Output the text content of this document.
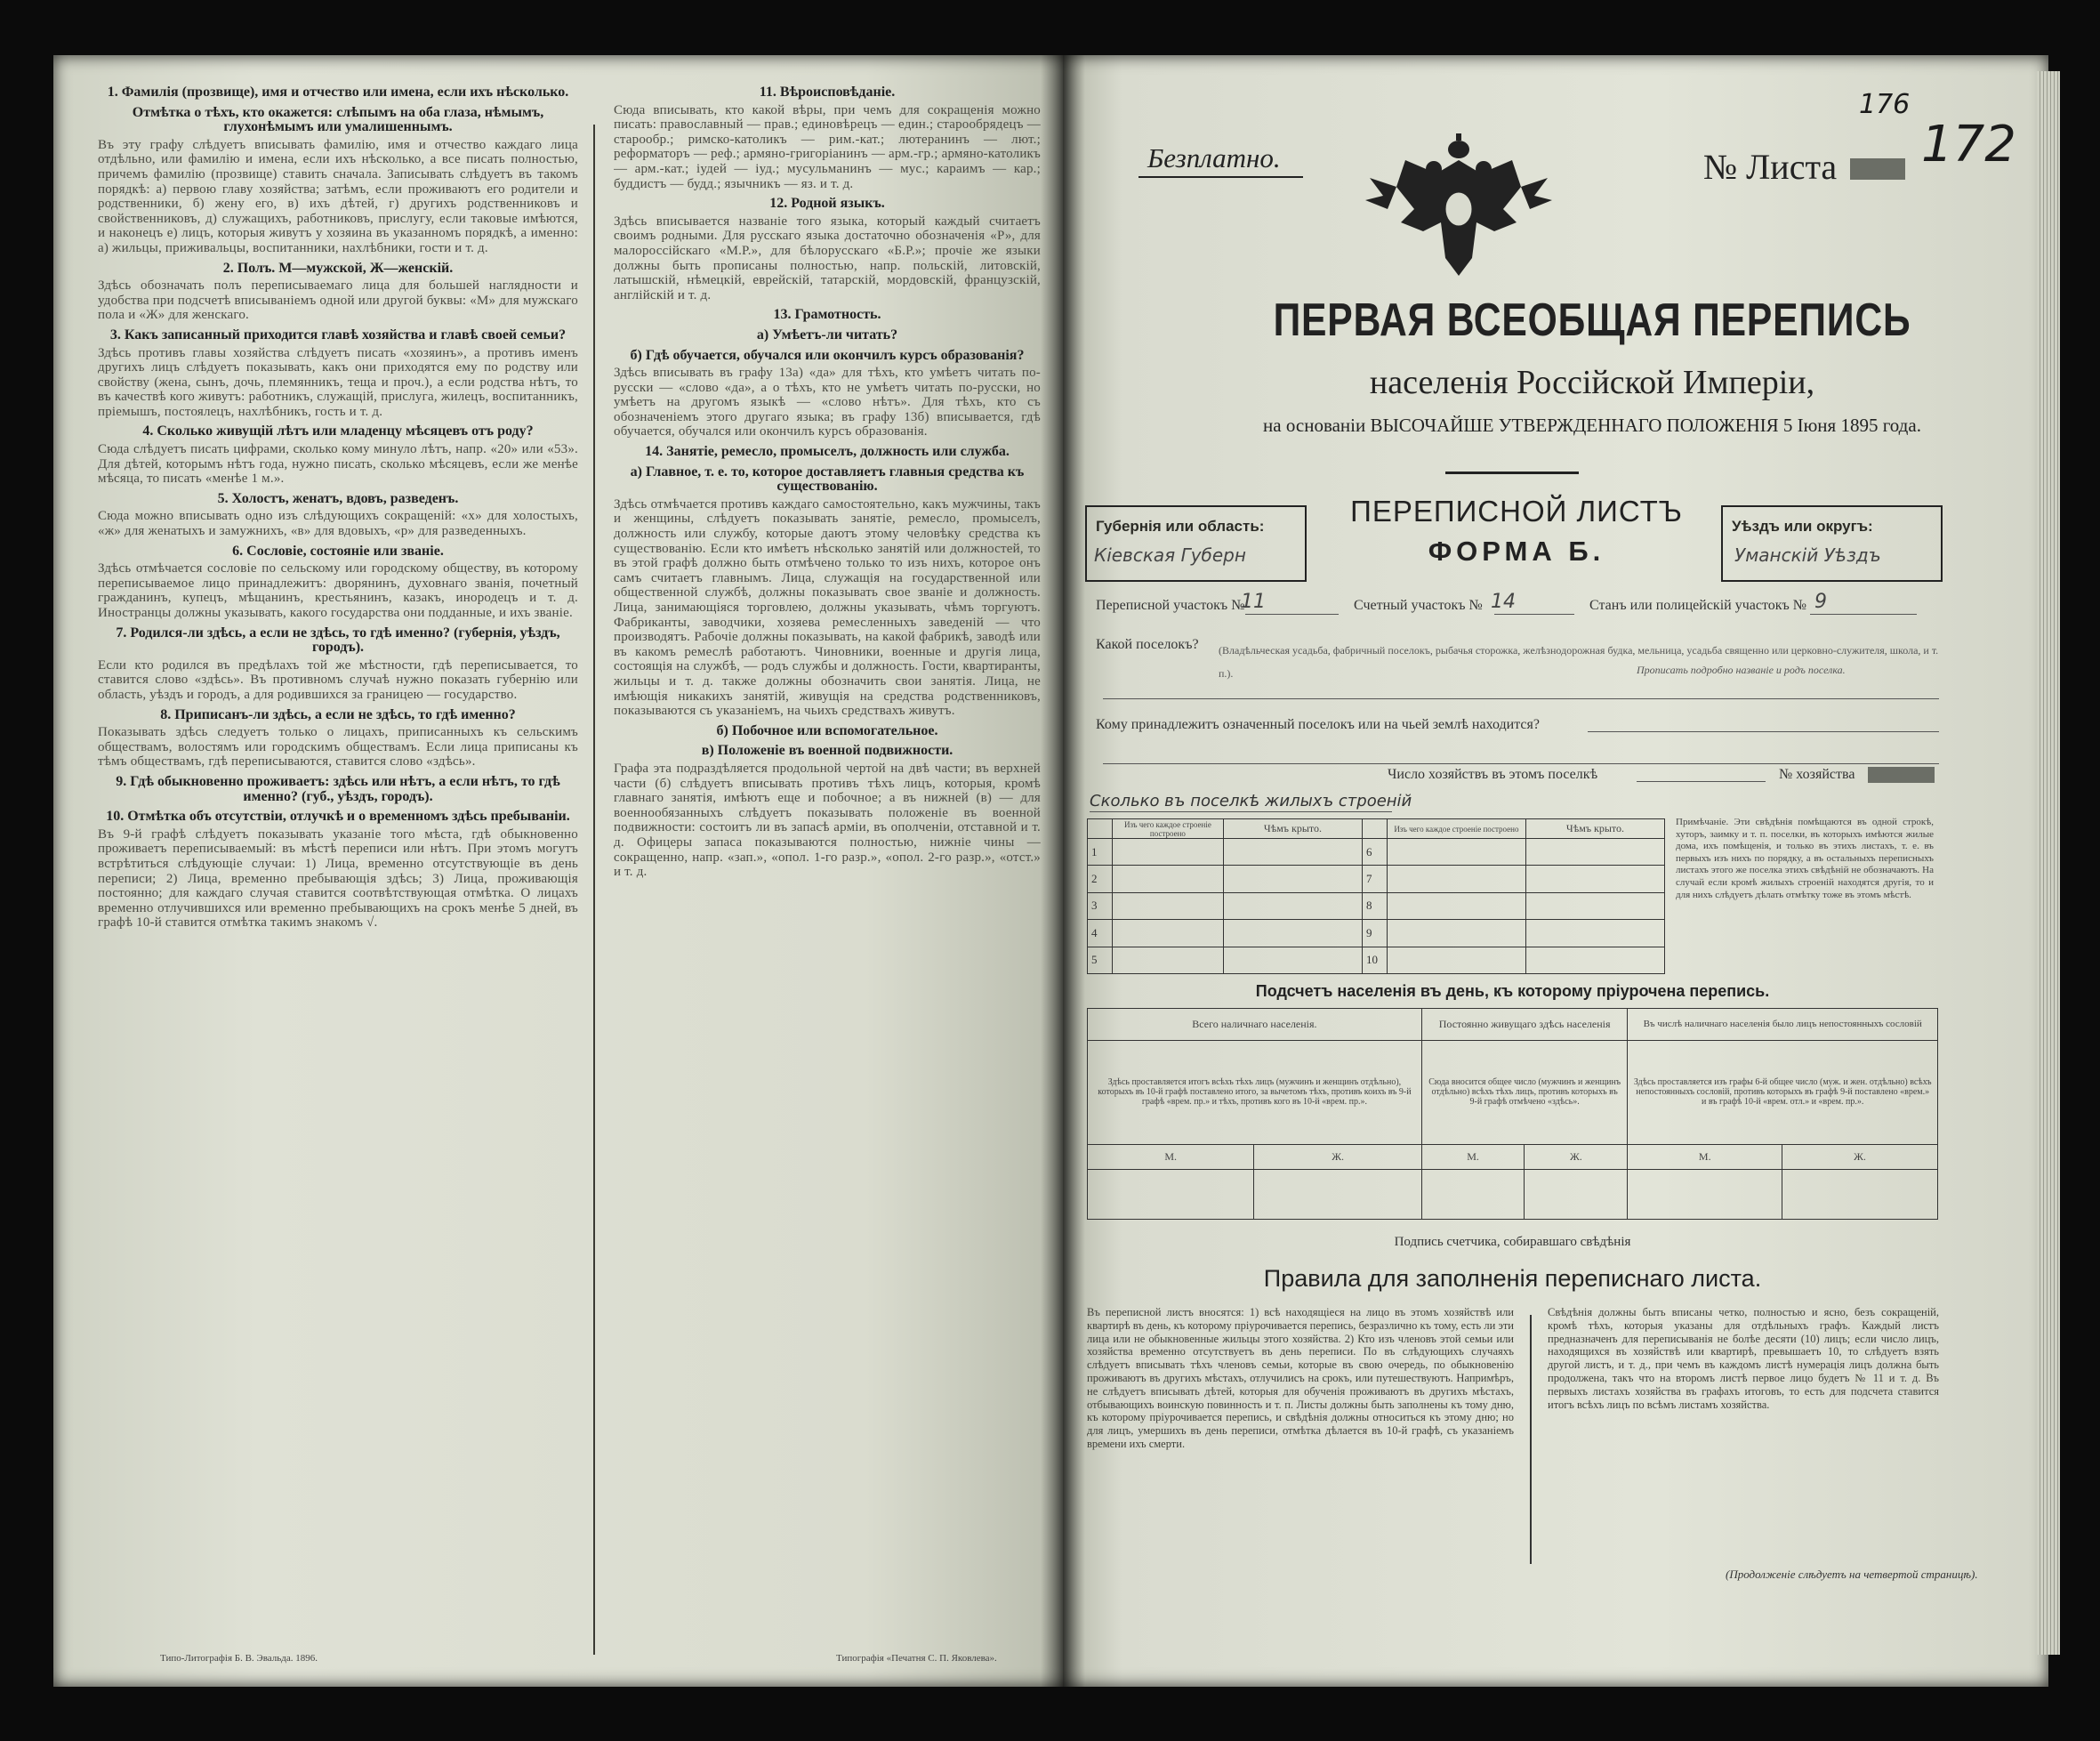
1. Фамилія (прозвище), имя и отчество или имена, если ихъ нѣсколько.
Отмѣтка о тѣхъ, кто окажется: слѣпымъ на оба глаза, нѣмымъ, глухонѣмымъ или умалишеннымъ.
Въ эту графу слѣдуетъ вписывать фамилію, имя и отчество каждаго лица отдѣльно, или фамилію и имена, если ихъ нѣсколько, а все писать полностью, причемъ фамилію (прозвище) ставить сначала. Записывать слѣдуетъ въ такомъ порядкѣ: а) первою главу хозяйства; затѣмъ, если проживаютъ его родители и родственники, б) жену его, в) ихъ дѣтей, г) другихъ родственниковъ и свойственниковъ, д) служащихъ, работниковъ, прислугу, если таковые имѣются, и наконецъ е) лицъ, которыя живутъ у хозяина въ указанномъ порядкѣ, а именно: а) жильцы, приживальцы, воспитанники, нахлѣбники, гости и т. д.
2. Полъ. М—мужской, Ж—женскій.
Здѣсь обозначать полъ переписываемаго лица для большей наглядности и удобства при подсчетѣ вписываніемъ одной или другой буквы: «М» для мужскаго пола и «Ж» для женскаго.
3. Какъ записанный приходится главѣ хозяйства и главѣ своей семьи?
Здѣсь противъ главы хозяйства слѣдуетъ писать «хозяинъ», а противъ именъ другихъ лицъ слѣдуетъ показывать, какъ они приходятся ему по родству или свойству (жена, сынъ, дочь, племянникъ, теща и проч.), а если родства нѣтъ, то въ качествѣ кого живутъ: работникъ, служащій, прислуга, жилецъ, воспитанникъ, пріемышъ, постоялецъ, нахлѣбникъ, гость и т. д.
4. Сколько живущій лѣтъ или младенцу мѣсяцевъ отъ роду?
Сюда слѣдуетъ писать цифрами, сколько кому минуло лѣтъ, напр. «20» или «53». Для дѣтей, которымъ нѣтъ года, нужно писать, сколько мѣсяцевъ, если же менѣе мѣсяца, то писать «менѣе 1 м.».
5. Холостъ, женатъ, вдовъ, разведенъ.
Сюда можно вписывать одно изъ слѣдующихъ сокращеній: «х» для холостыхъ, «ж» для женатыхъ и замужнихъ, «в» для вдовыхъ, «р» для разведенныхъ.
6. Сословіе, состояніе или званіе.
Здѣсь отмѣчается сословіе по сельскому или городскому обществу, въ которому переписываемое лицо принадлежитъ: дворянинъ, духовнаго званія, почетный гражданинъ, купецъ, мѣщанинъ, крестьянинъ, казакъ, инородецъ и т. д. Иностранцы должны указывать, какого государства они подданные, и ихъ званіе.
7. Родился-ли здѣсь, а если не здѣсь, то гдѣ именно? (губернія, уѣздъ, городъ).
Если кто родился въ предѣлахъ той же мѣстности, гдѣ переписывается, то ставится слово «здѣсь». Въ противномъ случаѣ нужно показать губернію или область, уѣздъ и городъ, а для родившихся за границею — государство.
8. Приписанъ-ли здѣсь, а если не здѣсь, то гдѣ именно?
Показывать здѣсь следуетъ только о лицахъ, приписанныхъ къ сельскимъ обществамъ, волостямъ или городскимъ обществамъ. Если лица приписаны къ тѣмъ обществамъ, гдѣ переписываются, ставится слово «здѣсь».
9. Гдѣ обыкновенно проживаетъ: здѣсь или нѣтъ, а если нѣтъ, то гдѣ именно? (губ., уѣздъ, городъ).
10. Отмѣтка объ отсутствіи, отлучкѣ и о временномъ здѣсь пребываніи.
Въ 9-й графѣ слѣдуетъ показывать указаніе того мѣста, гдѣ обыкновенно проживаетъ переписываемый: въ мѣстѣ переписи или нѣтъ. При этомъ могутъ встрѣтиться слѣдующіе случаи: 1) Лица, временно отсутствующіе въ день переписи; 2) Лица, временно пребывающія здѣсь; 3) Лица, проживающія постоянно; для каждаго случая ставится соотвѣтствующая отмѣтка. О лицахъ временно отлучившихся или временно пребывающихъ на срокъ менѣе 5 дней, въ графѣ 10-й ставится отмѣтка такимъ знакомъ √.
11. Вѣроисповѣданіе.
Сюда вписывать, кто какой вѣры, при чемъ для сокращенія можно писать: православный — прав.; единовѣрецъ — един.; старообрядецъ — старообр.; римско-католикъ — рим.-кат.; лютеранинъ — лют.; реформаторъ — реф.; армяно-григоріанинъ — арм.-гр.; армяно-католикъ — арм.-кат.; іудей — іуд.; мусульманинъ — мус.; караимъ — кар.; буддистъ — будд.; язычникъ — яз. и т. д.
12. Родной языкъ.
Здѣсь вписывается названіе того языка, который каждый считаетъ своимъ родными. Для русскаго языка достаточно обозначенія «Р», для малороссійскаго «М.Р.», для бѣлорусскаго «Б.Р.»; прочіе же языки должны быть прописаны полностью, напр. польскій, литовскій, латышскій, нѣмецкій, еврейскій, татарскій, мордовскій, французскій, англійскій и т. д.
13. Грамотность.
а) Умѣетъ-ли читать?
б) Гдѣ обучается, обучался или окончилъ курсъ образованія?
Здѣсь вписывать въ графу 13а) «да» для тѣхъ, кто умѣетъ читать по-русски — «слово «да», а о тѣхъ, кто не умѣетъ читать по-русски, но умѣетъ на другомъ языкѣ — «слово нѣтъ». Для тѣхъ, кто съ обозначеніемъ этого другаго языка; въ графу 13б) вписывается, гдѣ обучается, обучался или окончилъ курсъ образованія.
14. Занятіе, ремесло, промыселъ, должность или служба.
а) Главное, т. е. то, которое доставляетъ главныя средства къ существованію.
Здѣсь отмѣчается противъ каждаго самостоятельно, какъ мужчины, такъ и женщины, слѣдуетъ показывать занятіе, ремесло, промыселъ, должность или службу, которые даютъ этому человѣку средства къ существованію. Если кто имѣетъ нѣсколько занятій или должностей, то въ этой графѣ должно быть отмѣчено только то изъ нихъ, которое онъ самъ считаетъ главнымъ. Лица, служащія на государственной или общественной службѣ, должны показывать свое званіе и должность. Лица, занимающіяся торговлею, должны указывать, чѣмъ торгуютъ. Фабриканты, заводчики, хозяева ремесленныхъ заведеній — что производятъ. Рабочіе должны показывать, на какой фабрикѣ, заводѣ или въ какомъ ремеслѣ работаютъ. Чиновники, военные и другія лица, состоящія на службѣ, — родъ службы и должность. Гости, квартиранты, жильцы и т. д. также должны обозначить свои занятія. Лица, не имѣющія никакихъ занятій, живущія на средства родственниковъ, показываются съ указаніемъ, на чьихъ средствахъ живутъ.
б) Побочное или вспомогательное.
в) Положеніе въ военной подвижности.
Графа эта подраздѣляется продольной чертой на двѣ части; въ верхней части (б) слѣдуетъ вписывать противъ тѣхъ лицъ, которыя, кромѣ главнаго занятія, имѣютъ еще и побочное; а въ нижней (в) — для военнообязанныхъ слѣдуетъ показывать положеніе въ военной подвижности: состоитъ ли въ запасѣ арміи, въ ополченіи, отставной и т. д. Офицеры запаса показываются полностью, нижніе чины — сокращенно, напр. «зап.», «опол. 1-го разр.», «опол. 2-го разр.», «отст.» и т. д.
Типо-Литографія Б. В. Эвальда. 1896.	Типографія «Печатня С. П. Яковлева».
Безплатно.	№ Листа
176
172
ПЕРВАЯ ВСЕОБЩАЯ ПЕРЕПИСЬ
населенія Россійской Имперіи,
на основаніи ВЫСОЧАЙШЕ УТВЕРЖДЕННАГО ПОЛОЖЕНІЯ 5 Іюня 1895 года.
Губернія или область:
Кіевская Губерн
ПЕРЕПИСНОЙ ЛИСТЪ
ФОРМА Б.
Уѣздъ или округъ:
Уманскій Уѣздъ
Переписной участокъ №
11	Счетный участокъ № 14	Станъ или полицейскій участокъ № 9
Какой поселокъ? (Владѣльческая усадьба, фабричный поселокъ, рыбачья сторожка, желѣзнодорожная будка, мельница, усадьба священно или церковно-служителя, школа, и т. п.).	Прописать подробно названіе и родъ поселка.
Кому принадлежитъ означенный поселокъ или на чьей землѣ находится?
Число хозяйствъ въ этомъ поселкѣ	№ хозяйства
Сколько въ поселкѣ жилыхъ строеній
	Изъ чего каждое строеніе построено	Чѣмъ крыто.		Изъ чего каждое строеніе построено	Чѣмъ крыто.
1			6		
2			7		
3			8		
4			9		
5			10		
Примѣчаніе. Эти свѣдѣнія помѣщаются въ одной строкѣ, хуторъ, заимку и т. п. поселки, въ которыхъ имѣются жилые дома, ихъ помѣщенія, и только въ этихъ листахъ, т. е. въ первыхъ изъ нихъ по порядку, а въ остальныхъ переписныхъ листахъ этого же поселка этихъ свѣдѣній не обозначаютъ. На случай если кромѣ жилыхъ строеній находятся другія, то и для нихъ слѣдуетъ дѣлать отмѣтку тоже въ этомъ мѣстѣ.
Подсчетъ населенія въ день, къ которому пріурочена перепись.
Всего наличнаго населенія.		Постоянно живущаго здѣсь населенія		Въ числѣ наличнаго населенія было лицъ непостоянныхъ сословій	
Здѣсь проставляется итогъ всѣхъ тѣхъ лицъ (мужчинъ и женщинъ отдѣльно), которыхъ въ 10-й графѣ поставлено итого, за вычетомъ тѣхъ, противъ коихъ въ 9-й графѣ «врем. пр.» и тѣхъ, противъ кого въ 10-й «врем. пр.».		Сюда вносится общее число (мужчинъ и женщинъ отдѣльно) всѣхъ тѣхъ лицъ, противъ которыхъ въ 9-й графѣ отмѣчено «здѣсь».		Здѣсь проставляется изъ графы 6-й общее число (муж. и жен. отдѣльно) всѣхъ непостоянныхъ сословій, противъ которыхъ въ графѣ 9-й поставлено «врем.» и въ графѣ 10-й «врем. отл.» и «врем. пр.».	
М.	Ж.	М.	Ж.	М.	Ж.

Подпись счетчика, собиравшаго свѣдѣнія
Правила для заполненія переписнаго листа.
Въ переписной листъ вносятся: 1) всѣ находящіеся на лицо въ этомъ хозяйствѣ или квартирѣ въ день, къ которому пріурочивается перепись, безразлично къ тому, есть ли эти лица или не обыкновенные жильцы этого хозяйства. 2) Кто изъ членовъ этой семьи или хозяйства временно отсутствуетъ въ день переписи. По въ слѣдующихъ случаяхъ слѣдуетъ вписывать тѣхъ членовъ семьи, которые въ свою очередь, по обыкновенію проживаютъ въ другихъ мѣстахъ, отлучилисъ на срокъ, или путешествуютъ. Напримѣръ, не слѣдуетъ вписывать дѣтей, которыя для обученія проживаютъ въ другихъ мѣстахъ, отбывающихъ воинскую повинность и т. п. Листы должны быть заполнены къ тому дню, къ которому пріурочивается перепись, и свѣдѣнія должны относиться къ этому дню; но для лицъ, умершихъ въ день переписи, отмѣтка дѣлается въ 10-й графѣ, съ указаніемъ времени ихъ смерти.
Свѣдѣнія должны быть вписаны четко, полностью и ясно, безъ сокращеній, кромѣ тѣхъ, которыя указаны для отдѣльныхъ графъ. Каждый листъ предназначенъ для переписыванія не болѣе десяти (10) лицъ; если число лицъ, находящихся въ хозяйствѣ или квартирѣ, превышаетъ 10, то слѣдуетъ взять другой листъ, и т. д., при чемъ въ каждомъ листѣ нумерація лицъ должна быть продолжена, такъ что на второмъ листѣ первое лицо будетъ № 11 и т. д. Въ первыхъ листахъ хозяйства въ графахъ итоговъ, то есть для подсчета ставится итогъ всѣхъ лицъ по всѣмъ листамъ хозяйства.
(Продолженіе слѣдуетъ на четвертой страницѣ).
